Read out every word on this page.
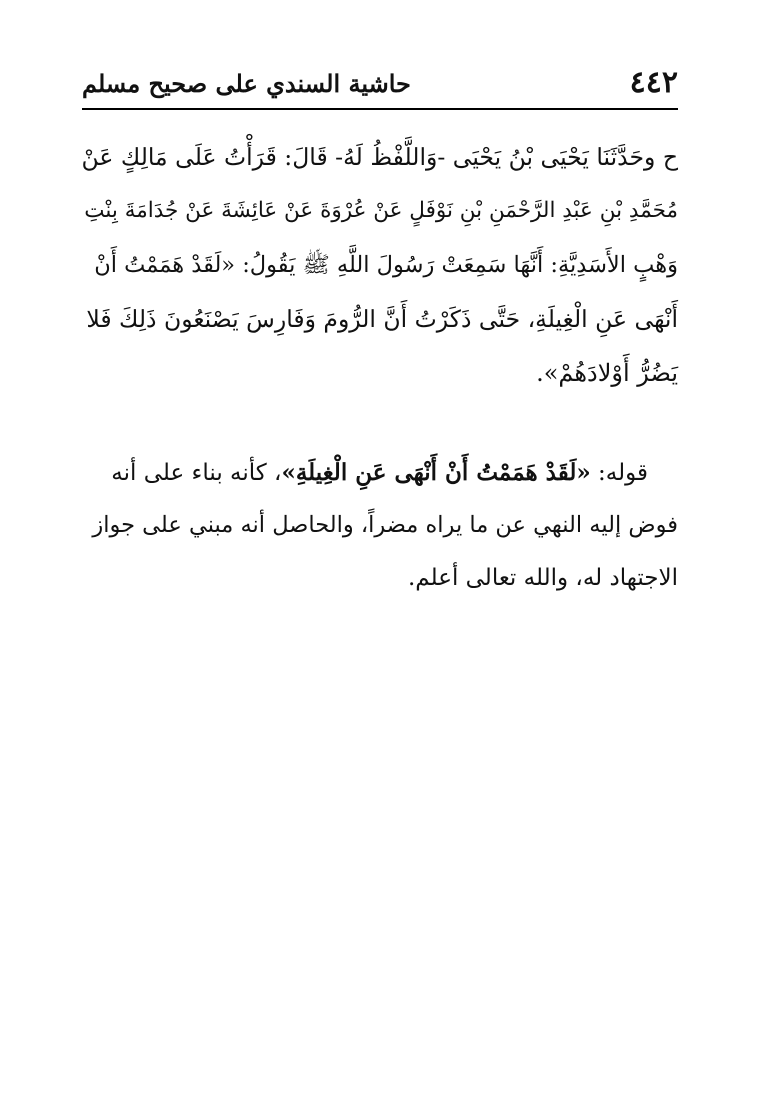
٤٤٢
حاشية السندي على صحيح مسلم
ح وحَدَّثَنَا يَحْيَى بْنُ يَحْيَى -وَاللَّفْظُ لَهُ- قَالَ: قَرَأْتُ عَلَى مَالِكٍ عَنْ
مُحَمَّدِ بْنِ عَبْدِ الرَّحْمَنِ بْنِ نَوْفَلٍ عَنْ عُرْوَةَ عَنْ عَائِشَةَ عَنْ جُدَامَةَ بِنْتِ
وَهْبٍ الأَسَدِيَّةِ: أَنَّهَا سَمِعَتْ رَسُولَ اللَّهِ ﷺ يَقُولُ: «لَقَدْ هَمَمْتُ أَنْ
أَنْهَى عَنِ الْغِيلَةِ، حَتَّى ذَكَرْتُ أَنَّ الرُّومَ وَفَارِسَ يَصْنَعُونَ ذَلِكَ فَلا
يَضُرُّ أَوْلادَهُمْ».
قوله: «لَقَدْ هَمَمْتُ أَنْ أَنْهَى عَنِ الْغِيلَةِ»، كأنه بناء على أنه
فوض إليه النهي عن ما يراه مضراً، والحاصل أنه مبني على جواز
الاجتهاد له، والله تعالى أعلم.
